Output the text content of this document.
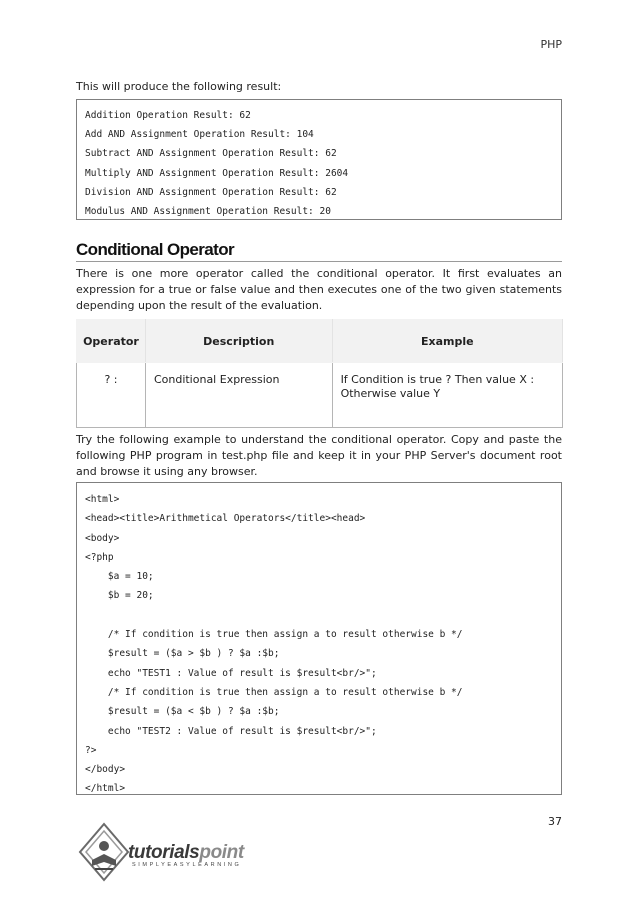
PHP
This will produce the following result:
Addition Operation Result: 62
Add AND Assignment Operation Result: 104
Subtract AND Assignment Operation Result: 62
Multiply AND Assignment Operation Result: 2604
Division AND Assignment Operation Result: 62
Modulus AND Assignment Operation Result: 20
Conditional Operator
There is one more operator called the conditional operator. It first evaluates an expression for a true or false value and then executes one of the two given statements depending upon the result of the evaluation.
Operator	Description	Example
? :	Conditional Expression	If Condition is true ? Then value X : Otherwise value Y
Try the following example to understand the conditional operator. Copy and paste the following PHP program in test.php file and keep it in your PHP Server's document root and browse it using any browser.
<html>
<head><title>Arithmetical Operators</title><head>
<body>
<?php
$a = 10;
$b = 20;
/* If condition is true then assign a to result otherwise b */
$result = ($a > $b ) ? $a :$b;
echo "TEST1 : Value of result is $result<br/>";
/* If condition is true then assign a to result otherwise b */
$result = ($a < $b ) ? $a :$b;
echo "TEST2 : Value of result is $result<br/>";
?>
</body>
</html>
37
tutorialspoint
SIMPLYEASYLEARNING
